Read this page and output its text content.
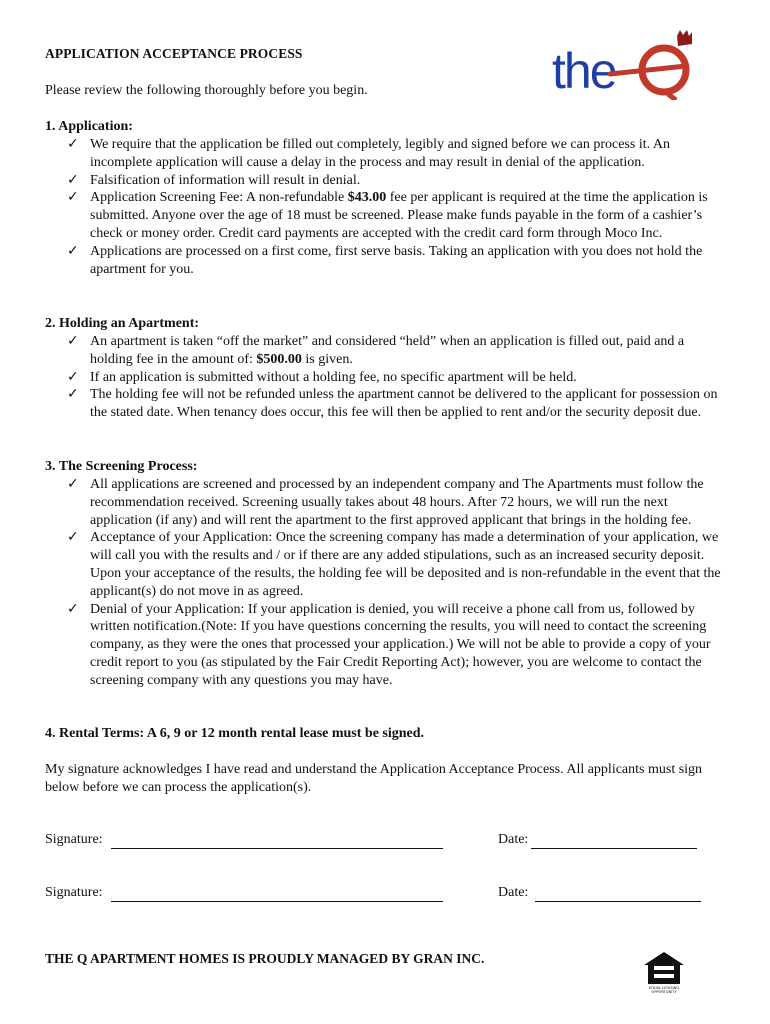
APPLICATION ACCEPTANCE PROCESS
Please review the following thoroughly before you begin.	the
1. Application:
✓ We require that the application be filled out completely, legibly and signed before we can process it. An incomplete application will cause a delay in the process and may result in denial of the application.
✓ Falsification of information will result in denial.
✓ Application Screening Fee: A non-refundable $43.00 fee per applicant is required at the time the application is submitted. Anyone over the age of 18 must be screened. Please make funds payable in the form of a cashier’s check or money order. Credit card payments are accepted with the credit card form through Moco Inc.
✓ Applications are processed on a first come, first serve basis. Taking an application with you does not hold the apartment for you.
2. Holding an Apartment:
✓ An apartment is taken “off the market” and considered “held” when an application is filled out, paid and a holding fee in the amount of: $500.00 is given.
✓ If an application is submitted without a holding fee, no specific apartment will be held.
✓ The holding fee will not be refunded unless the apartment cannot be delivered to the applicant for possession on the stated date. When tenancy does occur, this fee will then be applied to rent and/or the security deposit due.
3. The Screening Process:
✓ All applications are screened and processed by an independent company and The Apartments must follow the recommendation received. Screening usually takes about 48 hours. After 72 hours, we will run the next application (if any) and will rent the apartment to the first approved applicant that brings in the holding fee.
✓ Acceptance of your Application: Once the screening company has made a determination of your application, we will call you with the results and / or if there are any added stipulations, such as an increased security deposit. Upon your acceptance of the results, the holding fee will be deposited and is non-refundable in the event that the applicant(s) do not move in as agreed.
✓ Denial of your Application: If your application is denied, you will receive a phone call from us, followed by written notification.(Note: If you have questions concerning the results, you will need to contact the screening company, as they were the ones that processed your application.) We will not be able to provide a copy of your credit report to you (as stipulated by the Fair Credit Reporting Act); however, you are welcome to contact the screening company with any questions you may have.
4. Rental Terms: A 6, 9 or 12 month rental lease must be signed.
My signature acknowledges I have read and understand the Application Acceptance Process. All applicants must sign below before we can process the application(s).
Signature:	Date:
Signature:	Date:
THE Q APARTMENT HOMES IS PROUDLY MANAGED BY GRAN INC.
EQUAL HOUSING OPPORTUNITY
